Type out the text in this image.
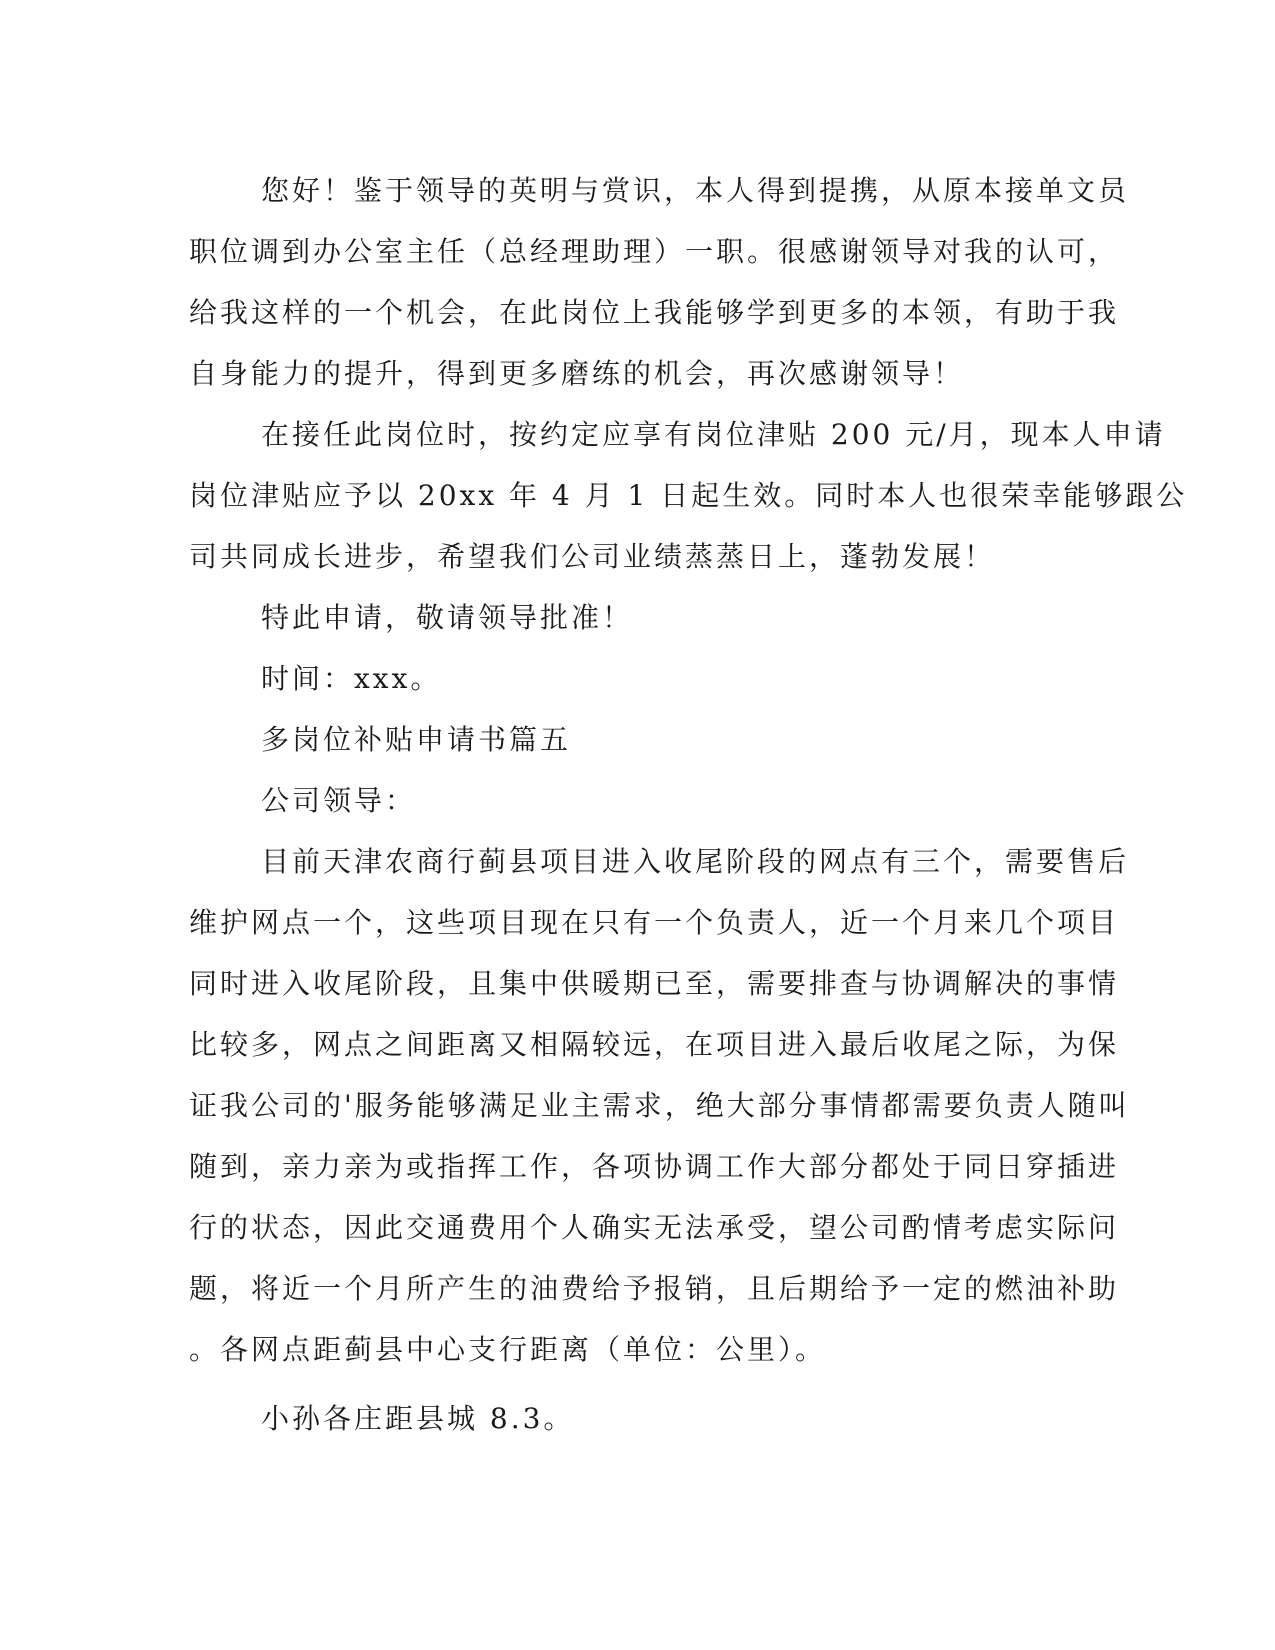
您好！鉴于领导的英明与赏识，本人得到提携，从原本接单文员
职位调到办公室主任（总经理助理）一职。很感谢领导对我的认可，
给我这样的一个机会，在此岗位上我能够学到更多的本领，有助于我
自身能力的提升，得到更多磨练的机会，再次感谢领导！
在接任此岗位时，按约定应享有岗位津贴 200 元/月，现本人申请
岗位津贴应予以 20xx 年 4 月 1 日起生效。同时本人也很荣幸能够跟公
司共同成长进步，希望我们公司业绩蒸蒸日上，蓬勃发展！
特此申请，敬请领导批准！
时间：xxx。
多岗位补贴申请书篇五
公司领导：
目前天津农商行蓟县项目进入收尾阶段的网点有三个，需要售后
维护网点一个，这些项目现在只有一个负责人，近一个月来几个项目
同时进入收尾阶段，且集中供暖期已至，需要排查与协调解决的事情
比较多，网点之间距离又相隔较远，在项目进入最后收尾之际，为保
证我公司的'服务能够满足业主需求，绝大部分事情都需要负责人随叫
随到，亲力亲为或指挥工作，各项协调工作大部分都处于同日穿插进
行的状态，因此交通费用个人确实无法承受，望公司酌情考虑实际问
题，将近一个月所产生的油费给予报销，且后期给予一定的燃油补助
。各网点距蓟县中心支行距离（单位：公里）。
小孙各庄距县城 8.3。
